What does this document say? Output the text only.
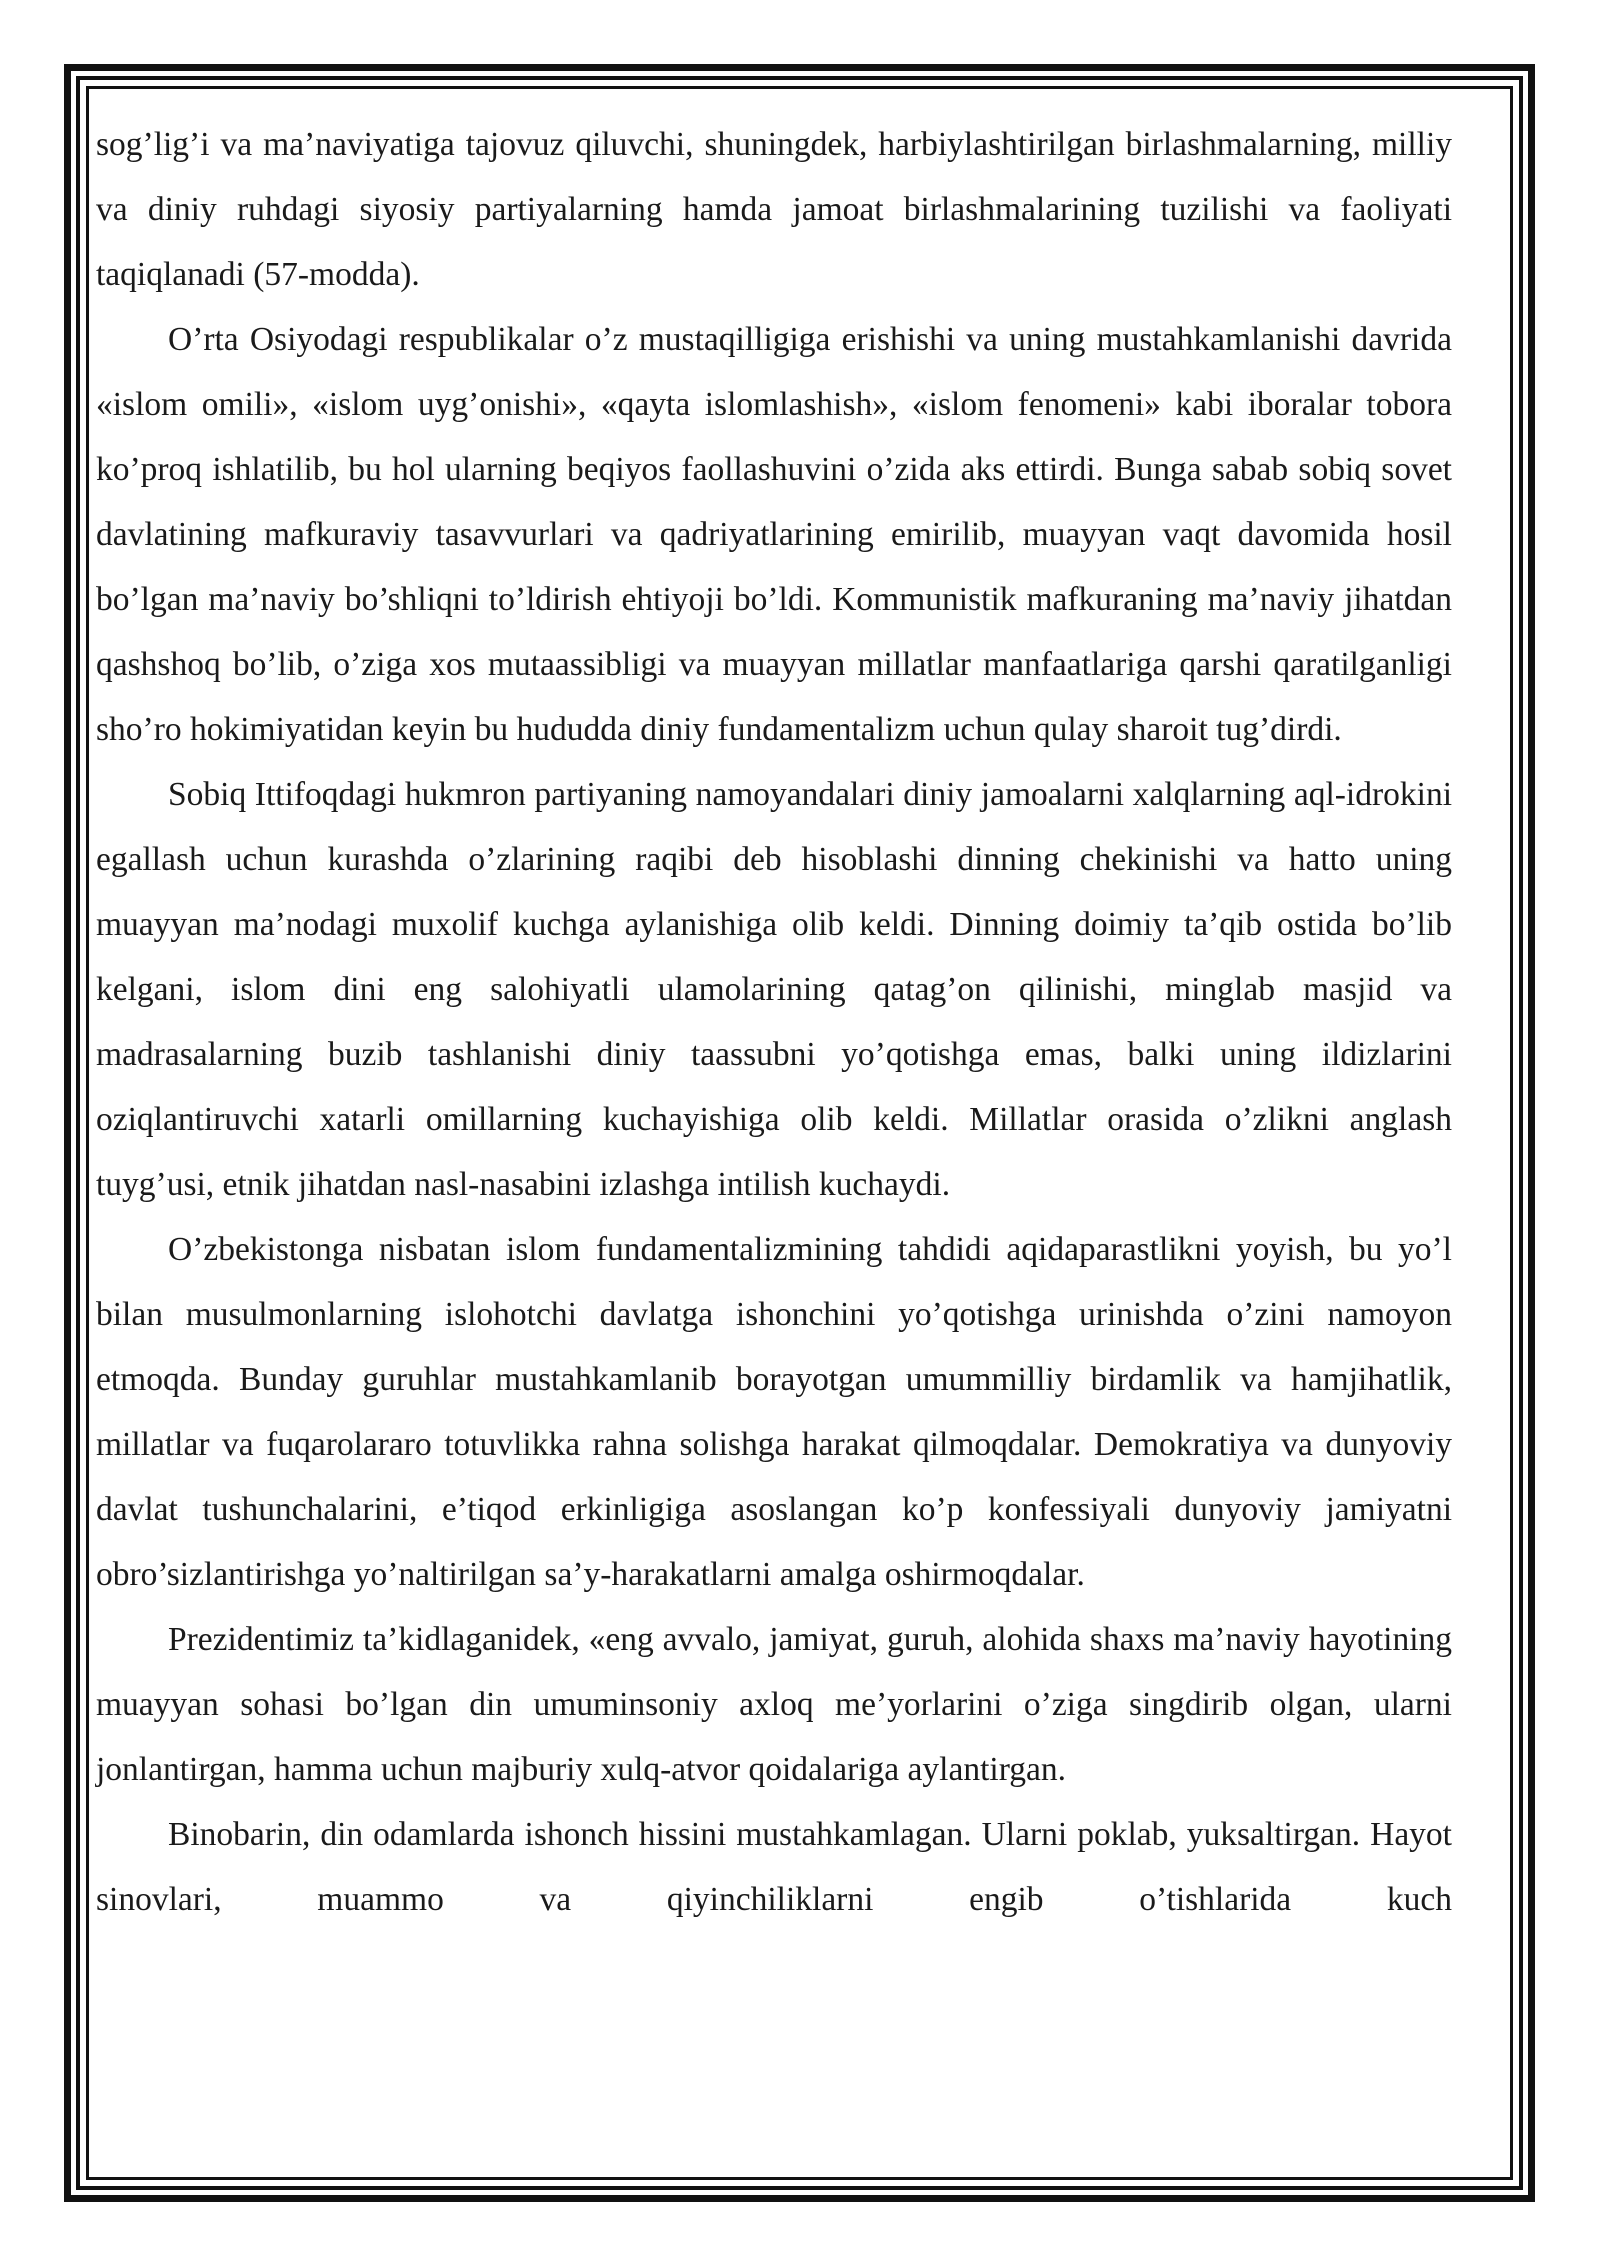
sog’lig’i va ma’naviyatiga tajovuz qiluvchi, shuningdek, harbiylashtirilgan birlashmalarning, milliy va diniy ruhdagi siyosiy partiyalarning hamda jamoat birlashmalarining tuzilishi va faoliyati taqiqlanadi (57-modda).

O’rta Osiyodagi respublikalar o’z mustaqilligiga erishishi va uning mustahkamlanishi davrida «islom omili», «islom uyg’onishi», «qayta islomlashish», «islom fenomeni» kabi iboralar tobora ko’proq ishlatilib, bu hol ularning beqiyos faollashuvini o’zida aks ettirdi. Bunga sabab sobiq sovet davlatining mafkuraviy tasavvurlari va qadriyatlarining emirilib, muayyan vaqt davomida hosil bo’lgan ma’naviy bo’shliqni to’ldirish ehtiyoji bo’ldi. Kommunistik mafkuraning ma’naviy jihatdan qashshoq bo’lib, o’ziga xos mutaassibligi va muayyan millatlar manfaatlariga qarshi qaratilganligi sho’ro hokimiyatidan keyin bu hududda diniy fundamentalizm uchun qulay sharoit tug’dirdi.

Sobiq Ittifoqdagi hukmron partiyaning namoyandalari diniy jamoalarni xalqlarning aql-idrokini egallash uchun kurashda o’zlarining raqibi deb hisoblashi dinning chekinishi va hatto uning muayyan ma’nodagi muxolif kuchga aylanishiga olib keldi. Dinning doimiy ta’qib ostida bo’lib kelgani, islom dini eng salohiyatli ulamolarining qatag’on qilinishi, minglab masjid va madrasalarning buzib tashlanishi diniy taassubni yo’qotishga emas, balki uning ildizlarini oziqlantiruvchi xatarli omillarning kuchayishiga olib keldi. Millatlar orasida o’zlikni anglash tuyg’usi, etnik jihatdan nasl-nasabini izlashga intilish kuchaydi.

O’zbekistonga nisbatan islom fundamentalizmining tahdidi aqidaparastlikni yoyish, bu yo’l bilan musulmonlarning islohotchi davlatga ishonchini yo’qotishga urinishda o’zini namoyon etmoqda. Bunday guruhlar mustahkamlanib borayotgan umummilliy birdamlik va hamjihatlik, millatlar va fuqarolararo totuvlikka rahna solishga harakat qilmoqdalar. Demokratiya va dunyoviy davlat tushunchalarini, e’tiqod erkinligiga asoslangan ko’p konfessiyali dunyoviy jamiyatni obro’sizlantirishga yo’naltirilgan sa’y-harakatlarni amalga oshirmoqdalar.

Prezidentimiz ta’kidlaganidek, «eng avvalo, jamiyat, guruh, alohida shaxs ma’naviy hayotining muayyan sohasi bo’lgan din umuminsoniy axloq me’yorlarini o’ziga singdirib olgan, ularni jonlantirgan, hamma uchun majburiy xulq-atvor qoidalariga aylantirgan.

Binobarin, din odamlarda ishonch hissini mustahkamlagan. Ularni poklab, yuksaltirgan. Hayot sinovlari, muammo va qiyinchiliklarni engib o’tishlarida kuch
